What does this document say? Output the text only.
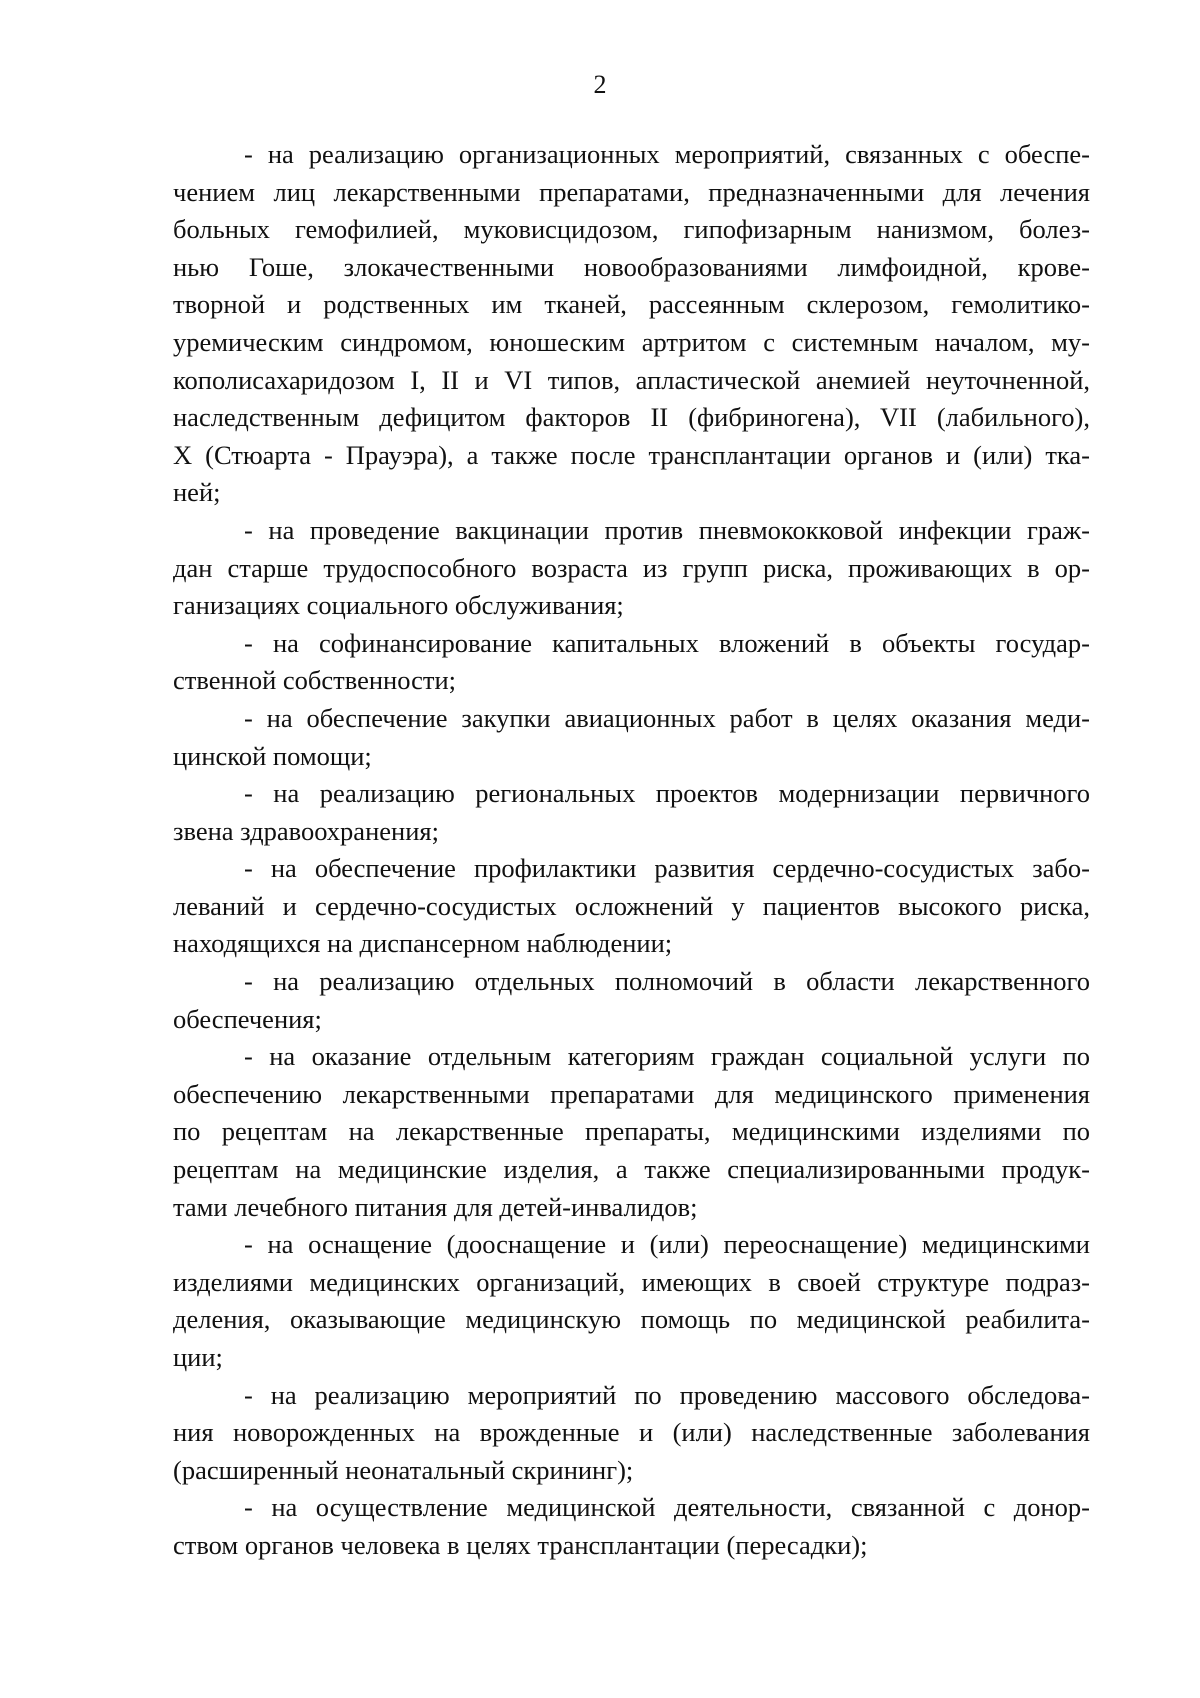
2

- на реализацию организационных мероприятий, связанных с обеспе-
чением лиц лекарственными препаратами, предназначенными для лечения
больных гемофилией, муковисцидозом, гипофизарным нанизмом, болез-
нью Гоше, злокачественными новообразованиями лимфоидной, крове-
творной и родственных им тканей, рассеянным склерозом, гемолитико-
уремическим синдромом, юношеским артритом с системным началом, му-
кополисахаридозом I, II и VI типов, апластической анемией неуточненной,
наследственным дефицитом факторов II (фибриногена), VII (лабильного),
X (Стюарта - Прауэра), а также после трансплантации органов и (или) тка-
ней;

- на проведение вакцинации против пневмококковой инфекции граж-
дан старше трудоспособного возраста из групп риска, проживающих в ор-
ганизациях социального обслуживания;

- на софинансирование капитальных вложений в объекты государ-
ственной собственности;

- на обеспечение закупки авиационных работ в целях оказания меди-
цинской помощи;

- на реализацию региональных проектов модернизации первичного
звена здравоохранения;

- на обеспечение профилактики развития сердечно-сосудистых забо-
леваний и сердечно-сосудистых осложнений у пациентов высокого риска,
находящихся на диспансерном наблюдении;

- на реализацию отдельных полномочий в области лекарственного
обеспечения;

- на оказание отдельным категориям граждан социальной услуги по
обеспечению лекарственными препаратами для медицинского применения
по рецептам на лекарственные препараты, медицинскими изделиями по
рецептам на медицинские изделия, а также специализированными продук-
тами лечебного питания для детей-инвалидов;

- на оснащение (дооснащение и (или) переоснащение) медицинскими
изделиями медицинских организаций, имеющих в своей структуре подраз-
деления, оказывающие медицинскую помощь по медицинской реабилита-
ции;

- на реализацию мероприятий по проведению массового обследова-
ния новорожденных на врожденные и (или) наследственные заболевания
(расширенный неонатальный скрининг);

- на осуществление медицинской деятельности, связанной с донор-
ством органов человека в целях трансплантации (пересадки);
